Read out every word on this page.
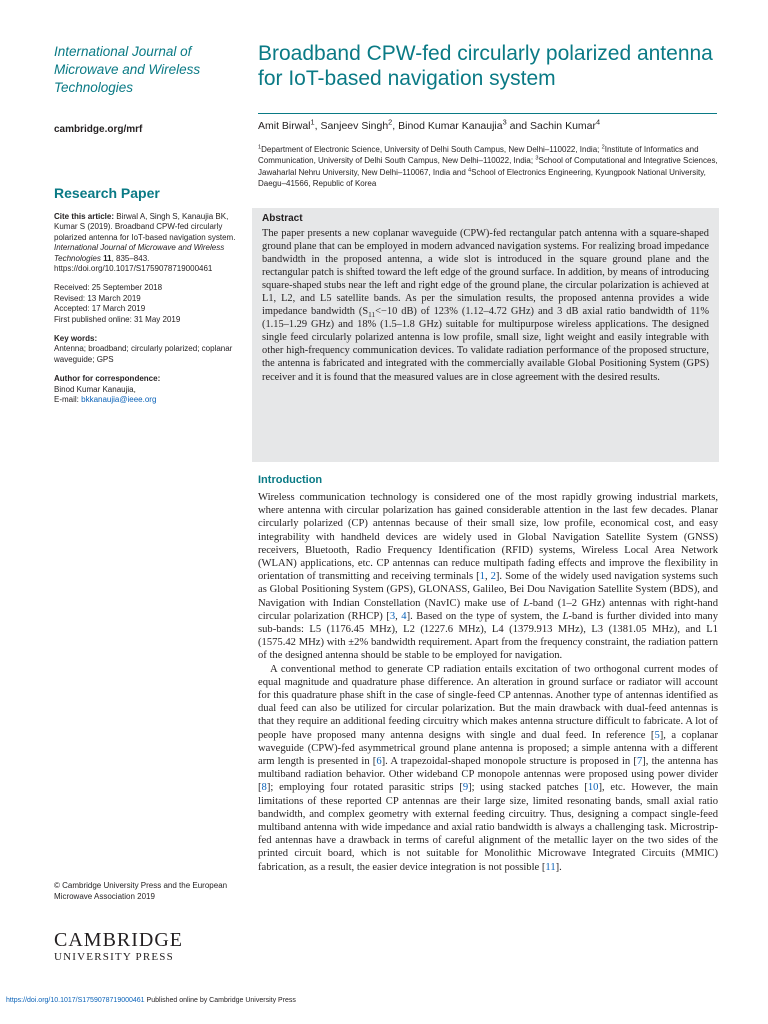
International Journal of Microwave and Wireless Technologies
cambridge.org/mrf
Research Paper

Cite this article: Birwal A, Singh S, Kanaujia BK, Kumar S (2019). Broadband CPW-fed circularly polarized antenna for IoT-based navigation system. International Journal of Microwave and Wireless Technologies 11, 835–843. https://doi.org/10.1017/S1759078719000461

Received: 25 September 2018
Revised: 13 March 2019
Accepted: 17 March 2019
First published online: 31 May 2019

Key words:
Antenna; broadband; circularly polarized; coplanar waveguide; GPS

Author for correspondence:
Binod Kumar Kanaujia,
E-mail: bkkanaujia@ieee.org

© Cambridge University Press and the European Microwave Association 2019
CAMBRIDGE
UNIVERSITY PRESS
Broadband CPW-fed circularly polarized antenna for IoT-based navigation system
Amit Birwal$^1$, Sanjeev Singh$^2$, Binod Kumar Kanaujia$^3$ and Sachin Kumar$^4$
$^1$Department of Electronic Science, University of Delhi South Campus, New Delhi–110022, India; $^2$Institute of Informatics and Communication, University of Delhi South Campus, New Delhi–110022, India; $^3$School of Computational and Integrative Sciences, Jawaharlal Nehru University, New Delhi–110067, India and $^4$School of Electronics Engineering, Kyungpook National University, Daegu–41566, Republic of Korea
Abstract

The paper presents a new coplanar waveguide (CPW)-fed rectangular patch antenna with a square-shaped ground plane that can be employed in modern advanced navigation systems. For realizing broad impedance bandwidth in the proposed antenna, a wide slot is introduced in the square ground plane and the rectangular patch is shifted toward the left edge of the ground surface. In addition, by means of introducing square-shaped stubs near the left and right edge of the ground plane, the circular polarization is achieved at L1, L2, and L5 satellite bands. As per the simulation results, the proposed antenna provides a wide impedance bandwidth ($S_{11}<-10$ dB) of 123% (1.12–4.72 GHz) and 3 dB axial ratio bandwidth of 11% (1.15–1.29 GHz) and 18% (1.5–1.8 GHz) suitable for multipurpose wireless applications. The designed single feed circularly polarized antenna is low profile, small size, light weight and easily integrable with other high-frequency communication devices. To validate radiation performance of the proposed structure, the antenna is fabricated and integrated with the commercially available Global Positioning System (GPS) receiver and it is found that the measured values are in close agreement with the desired results.

Introduction

Wireless communication technology is considered one of the most rapidly growing industrial markets, where antenna with circular polarization has gained considerable attention in the last few decades. Planar circularly polarized (CP) antennas because of their small size, low profile, economical cost, and easy integrability with handheld devices are widely used in Global Navigation Satellite System (GNSS) receivers, Bluetooth, Radio Frequency Identification (RFID) systems, Wireless Local Area Network (WLAN) applications, etc. CP antennas can reduce multipath fading effects and improve the flexibility in orientation of transmitting and receiving terminals [1, 2]. Some of the widely used navigation systems such as Global Positioning System (GPS), GLONASS, Galileo, Bei Dou Navigation Satellite System (BDS), and Navigation with Indian Constellation (NavIC) make use of L-band (1–2 GHz) antennas with right-hand circular polarization (RHCP) [3, 4]. Based on the type of system, the L-band is further divided into many sub-bands: L5 (1176.45 MHz), L2 (1227.6 MHz), L4 (1379.913 MHz), L3 (1381.05 MHz), and L1 (1575.42 MHz) with ±2% bandwidth requirement. Apart from the frequency constraint, the radiation pattern of the designed antenna should be stable to be employed for navigation.

A conventional method to generate CP radiation entails excitation of two orthogonal current modes of equal magnitude and quadrature phase difference. An alteration in ground surface or radiator will account for this quadrature phase shift in the case of single-feed CP antennas. Another type of antennas identified as dual feed can also be utilized for circular polarization. But the main drawback with dual-feed antennas is that they require an additional feeding circuitry which makes antenna structure difficult to fabricate. A lot of people have proposed many antenna designs with single and dual feed. In reference [5], a coplanar waveguide (CPW)-fed asymmetrical ground plane antenna is proposed; a simple antenna with a different arm length is presented in [6]. A trapezoidal-shaped monopole structure is proposed in [7], the antenna has multiband radiation behavior. Other wideband CP monopole antennas were proposed using power divider [8]; employing four rotated parasitic strips [9]; using stacked patches [10], etc. However, the main limitations of these reported CP antennas are their large size, limited resonating bands, small axial ratio bandwidth, and complex geometry with external feeding circuitry. Thus, designing a compact single-feed multiband antenna with wide impedance and axial ratio bandwidth is always a challenging task. Microstrip-fed antennas have a drawback in terms of careful alignment of the metallic layer on the two sides of the printed circuit board, which is not suitable for Monolithic Microwave Integrated Circuits (MMIC) fabrication, as a result, the easier device integration is not possible [11].

https://doi.org/10.1017/S1759078719000461 Published online by Cambridge University Press
